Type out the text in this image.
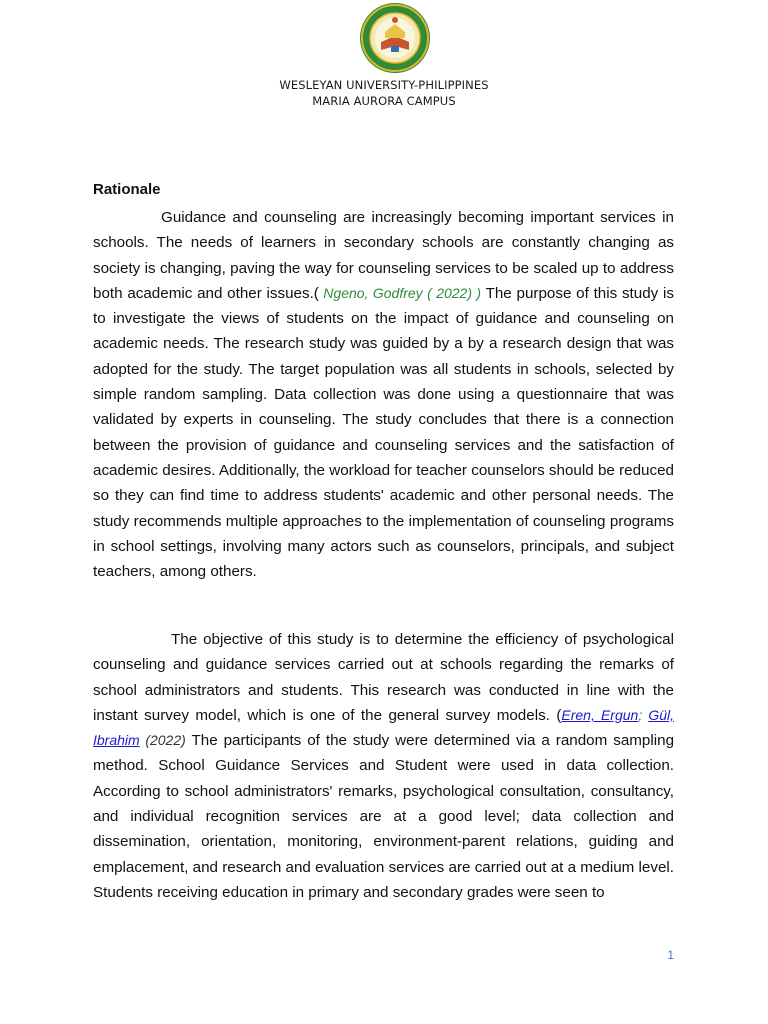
WESLEYAN UNIVERSITY-PHILIPPINES
MARIA AURORA CAMPUS
Rationale
Guidance and counseling are increasingly becoming important services in schools. The needs of learners in secondary schools are constantly changing as society is changing, paving the way for counseling services to be scaled up to address both academic and other issues.( Ngeno, Godfrey ( 2022) ) The purpose of this study is to investigate the views of students on the impact of guidance and counseling on academic needs. The research study was guided by a by a research design that was adopted for the study. The target population was all students in schools, selected by simple random sampling. Data collection was done using a questionnaire that was validated by experts in counseling. The study concludes that there is a connection between the provision of guidance and counseling services and the satisfaction of academic desires. Additionally, the workload for teacher counselors should be reduced so they can find time to address students' academic and other personal needs. The study recommends multiple approaches to the implementation of counseling programs in school settings, involving many actors such as counselors, principals, and subject teachers, among others.
The objective of this study is to determine the efficiency of psychological counseling and guidance services carried out at schools regarding the remarks of school administrators and students. This research was conducted in line with the instant survey model, which is one of the general survey models. (Eren, Ergun; Gül, Ibrahim (2022) The participants of the study were determined via a random sampling method. School Guidance Services and Student were used in data collection. According to school administrators' remarks, psychological consultation, consultancy, and individual recognition services are at a good level; data collection and dissemination, orientation, monitoring, environment-parent relations, guiding and emplacement, and research and evaluation services are carried out at a medium level. Students receiving education in primary and secondary grades were seen to
1
